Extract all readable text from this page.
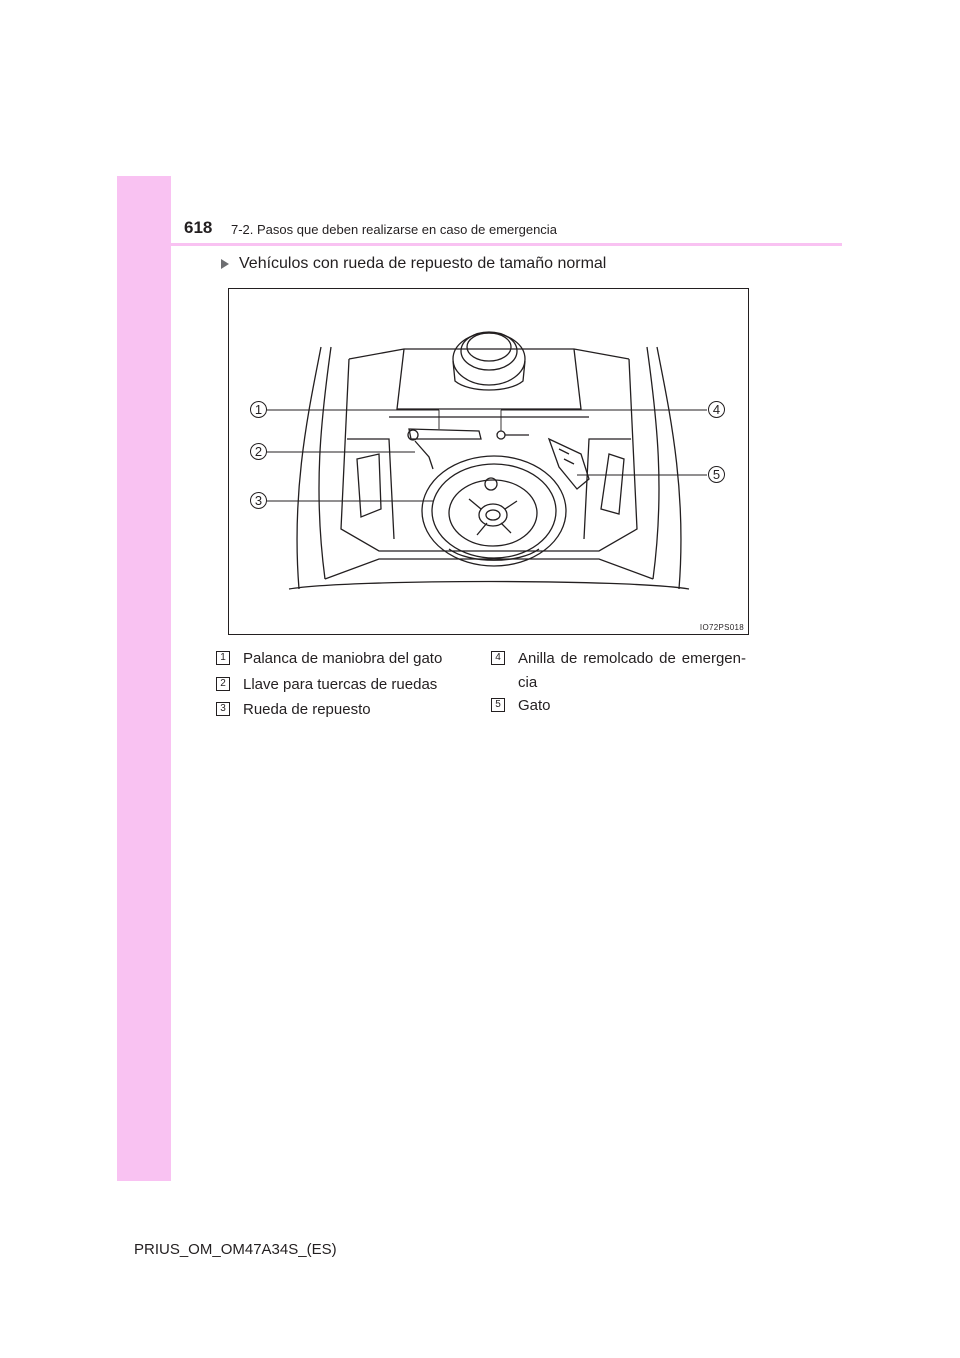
618 7-2. Pasos que deben realizarse en caso de emergencia
Vehículos con rueda de repuesto de tamaño normal
1
2
3
4
5
IO72PS018
1 Palanca de maniobra del gato
2 Llave para tuercas de ruedas
3 Rueda de repuesto
4 Anilla de remolcado de emergen-cia
5 Gato
PRIUS_OM_OM47A34S_(ES)
